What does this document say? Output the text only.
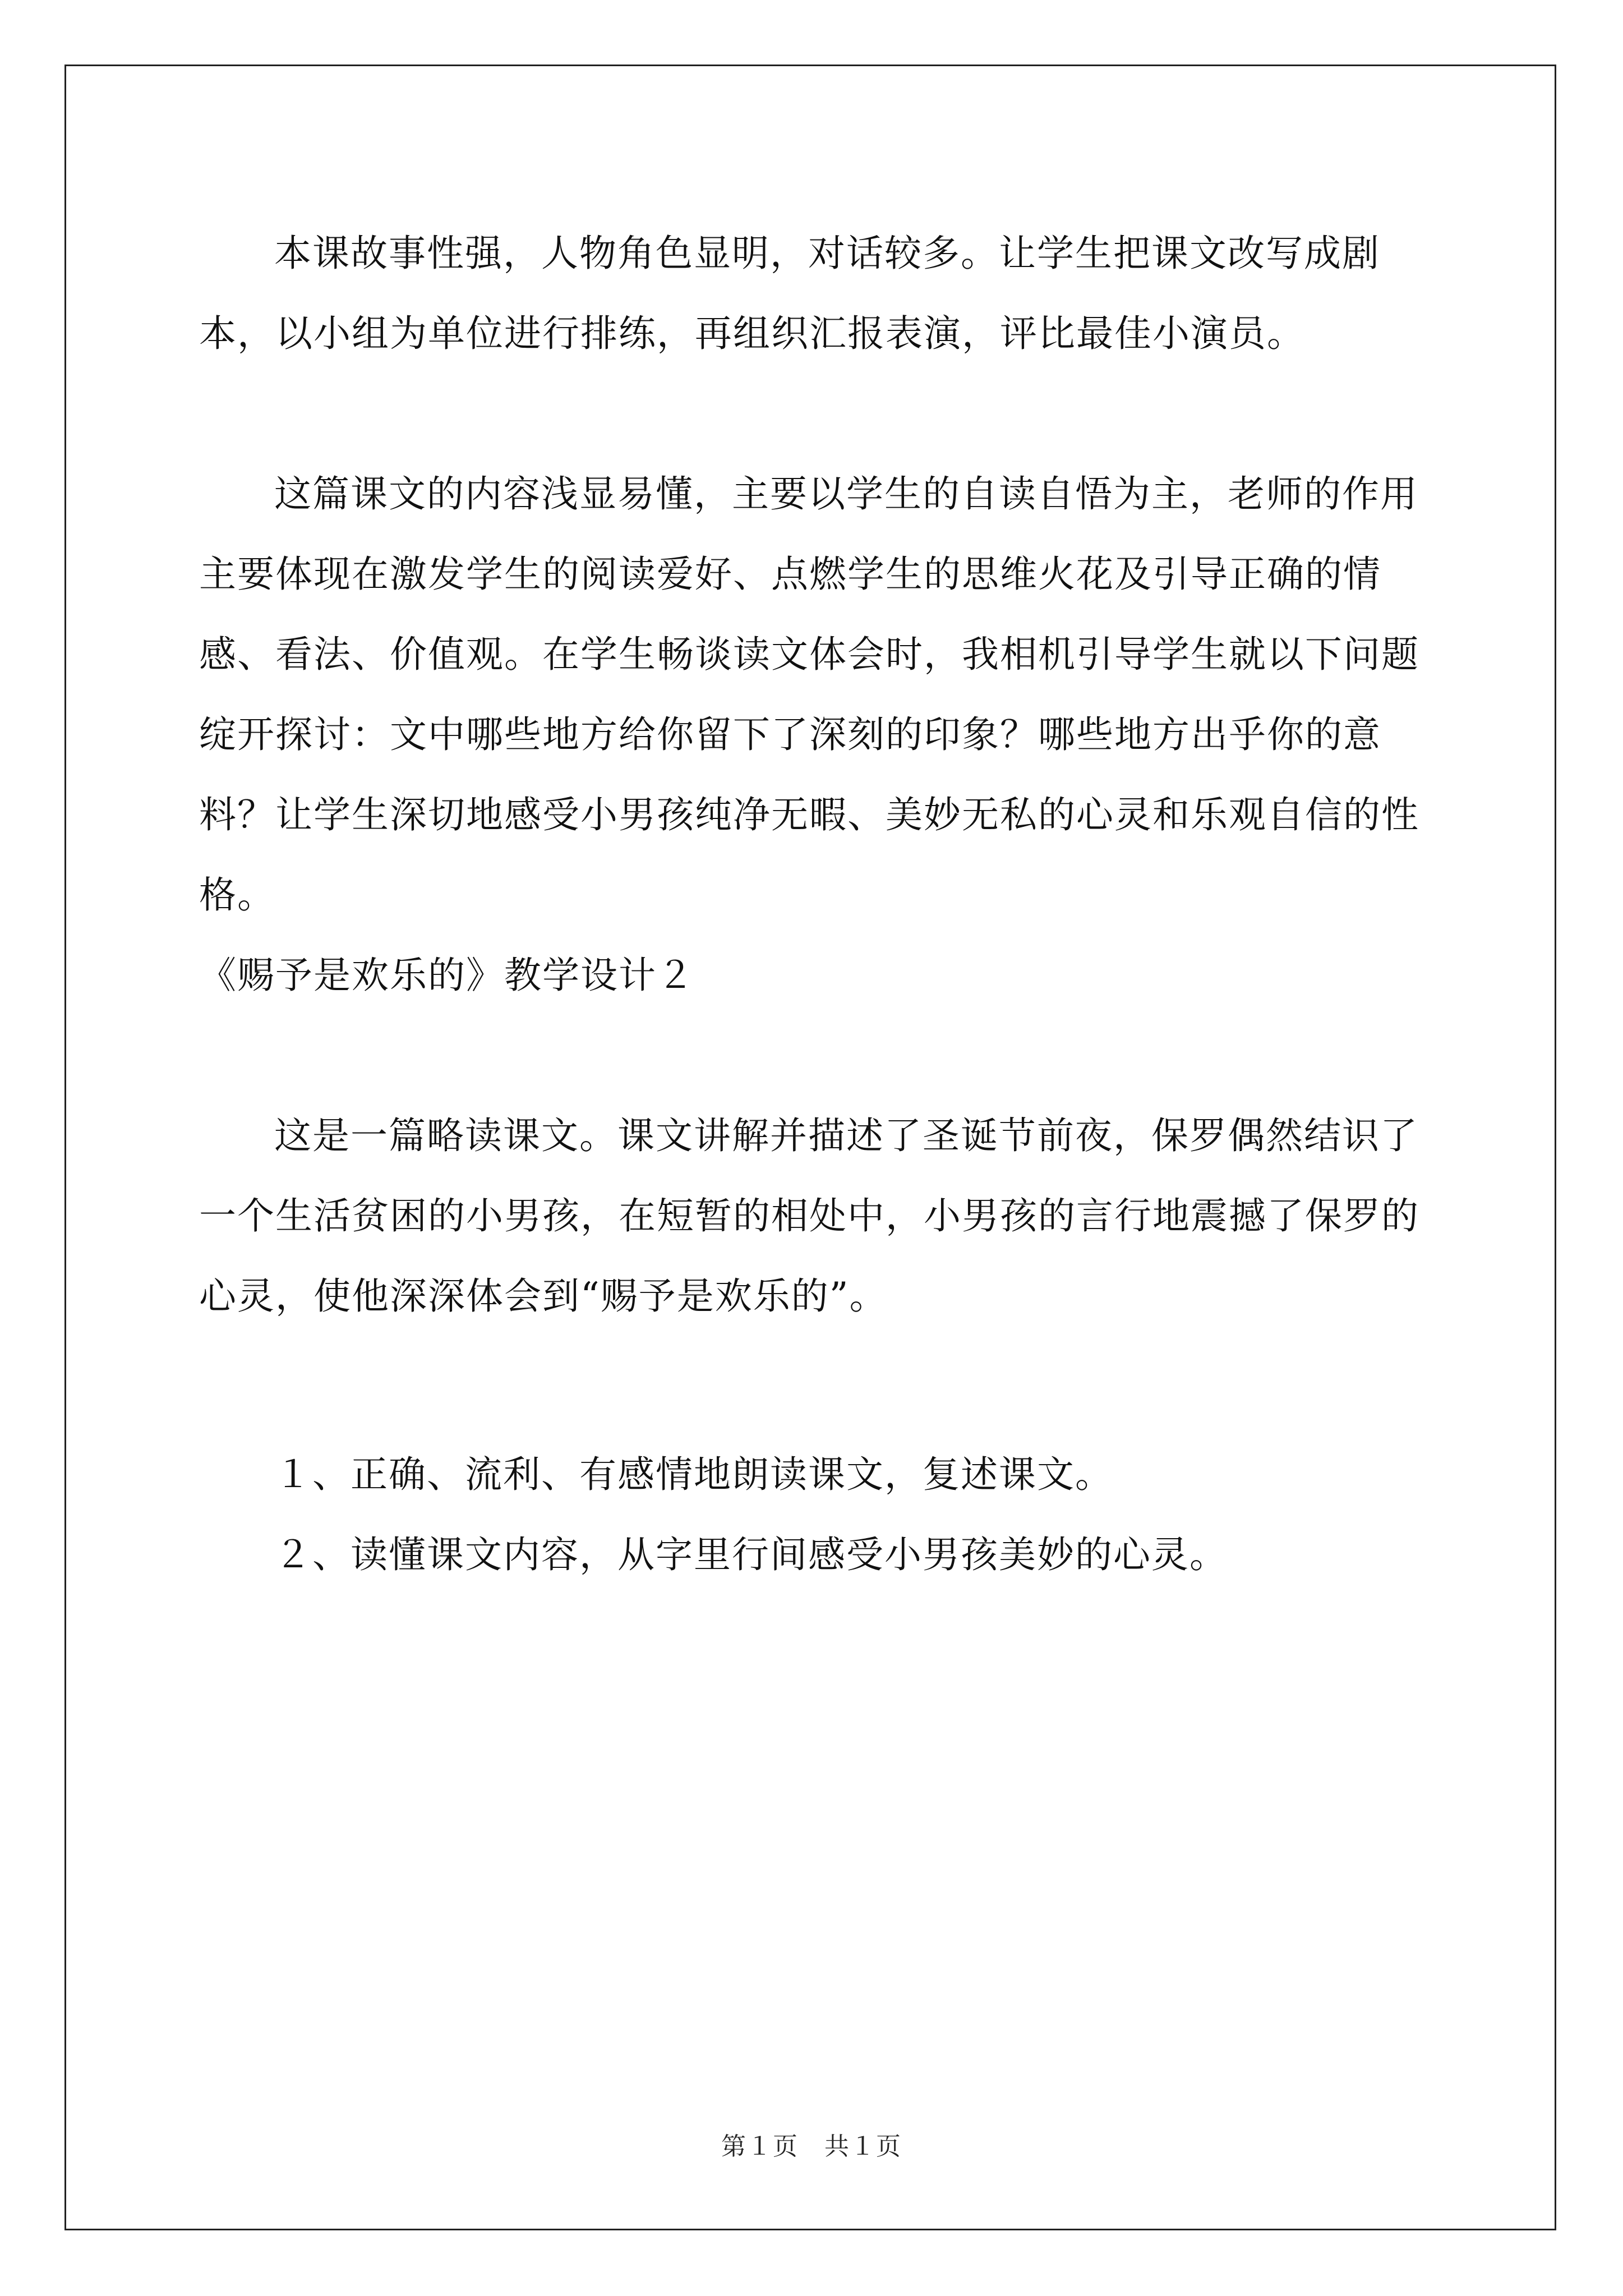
本课故事性强，人物角色显明，对话较多。让学生把课文改写成剧本，以小组为单位进行排练，再组织汇报表演，评比最佳小演员。

这篇课文的内容浅显易懂，主要以学生的自读自悟为主，老师的作用主要体现在激发学生的阅读爱好、点燃学生的思维火花及引导正确的情感、看法、价值观。在学生畅谈读文体会时，我相机引导学生就以下问题绽开探讨：文中哪些地方给你留下了深刻的印象？哪些地方出乎你的意料？让学生深切地感受小男孩纯净无暇、美妙无私的心灵和乐观自信的性格。

《赐予是欢乐的》教学设计２

这是一篇略读课文。课文讲解并描述了圣诞节前夜，保罗偶然结识了一个生活贫困的小男孩，在短暂的相处中，小男孩的言行地震撼了保罗的心灵，使他深深体会到“赐予是欢乐的”。

１、正确、流利、有感情地朗读课文，复述课文。

２、读懂课文内容，从字里行间感受小男孩美妙的心灵。

第１页　共１页
